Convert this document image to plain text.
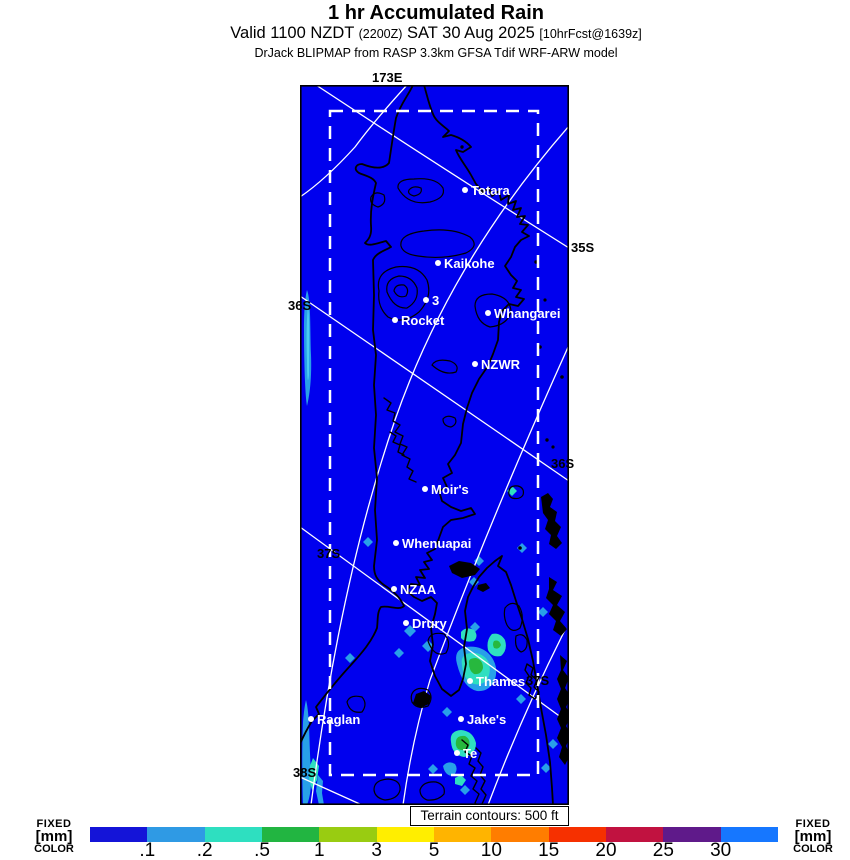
1 hr Accumulated Rain
Valid 1100 NZDT (2200Z) SAT 30 Aug 2025 [10hrFcst@1639z]
DrJack BLIPMAP from RASP 3.3km GFSA Tdif WRF-ARW model
Totara
Kaikohe
3
Rocket	Whangarei
NZWR
Moir's
Whenuapai
NZAA
Drury
Thames
Jake's
Te
Raglan
173E
35S
36S
36S
37S
37S
38S
Terrain contours: 500 ft
FIXED
[mm]
COLOR	.1 .2 .5 1 3 5 10 15 20 25 30
FIXED
[mm]
COLOR
